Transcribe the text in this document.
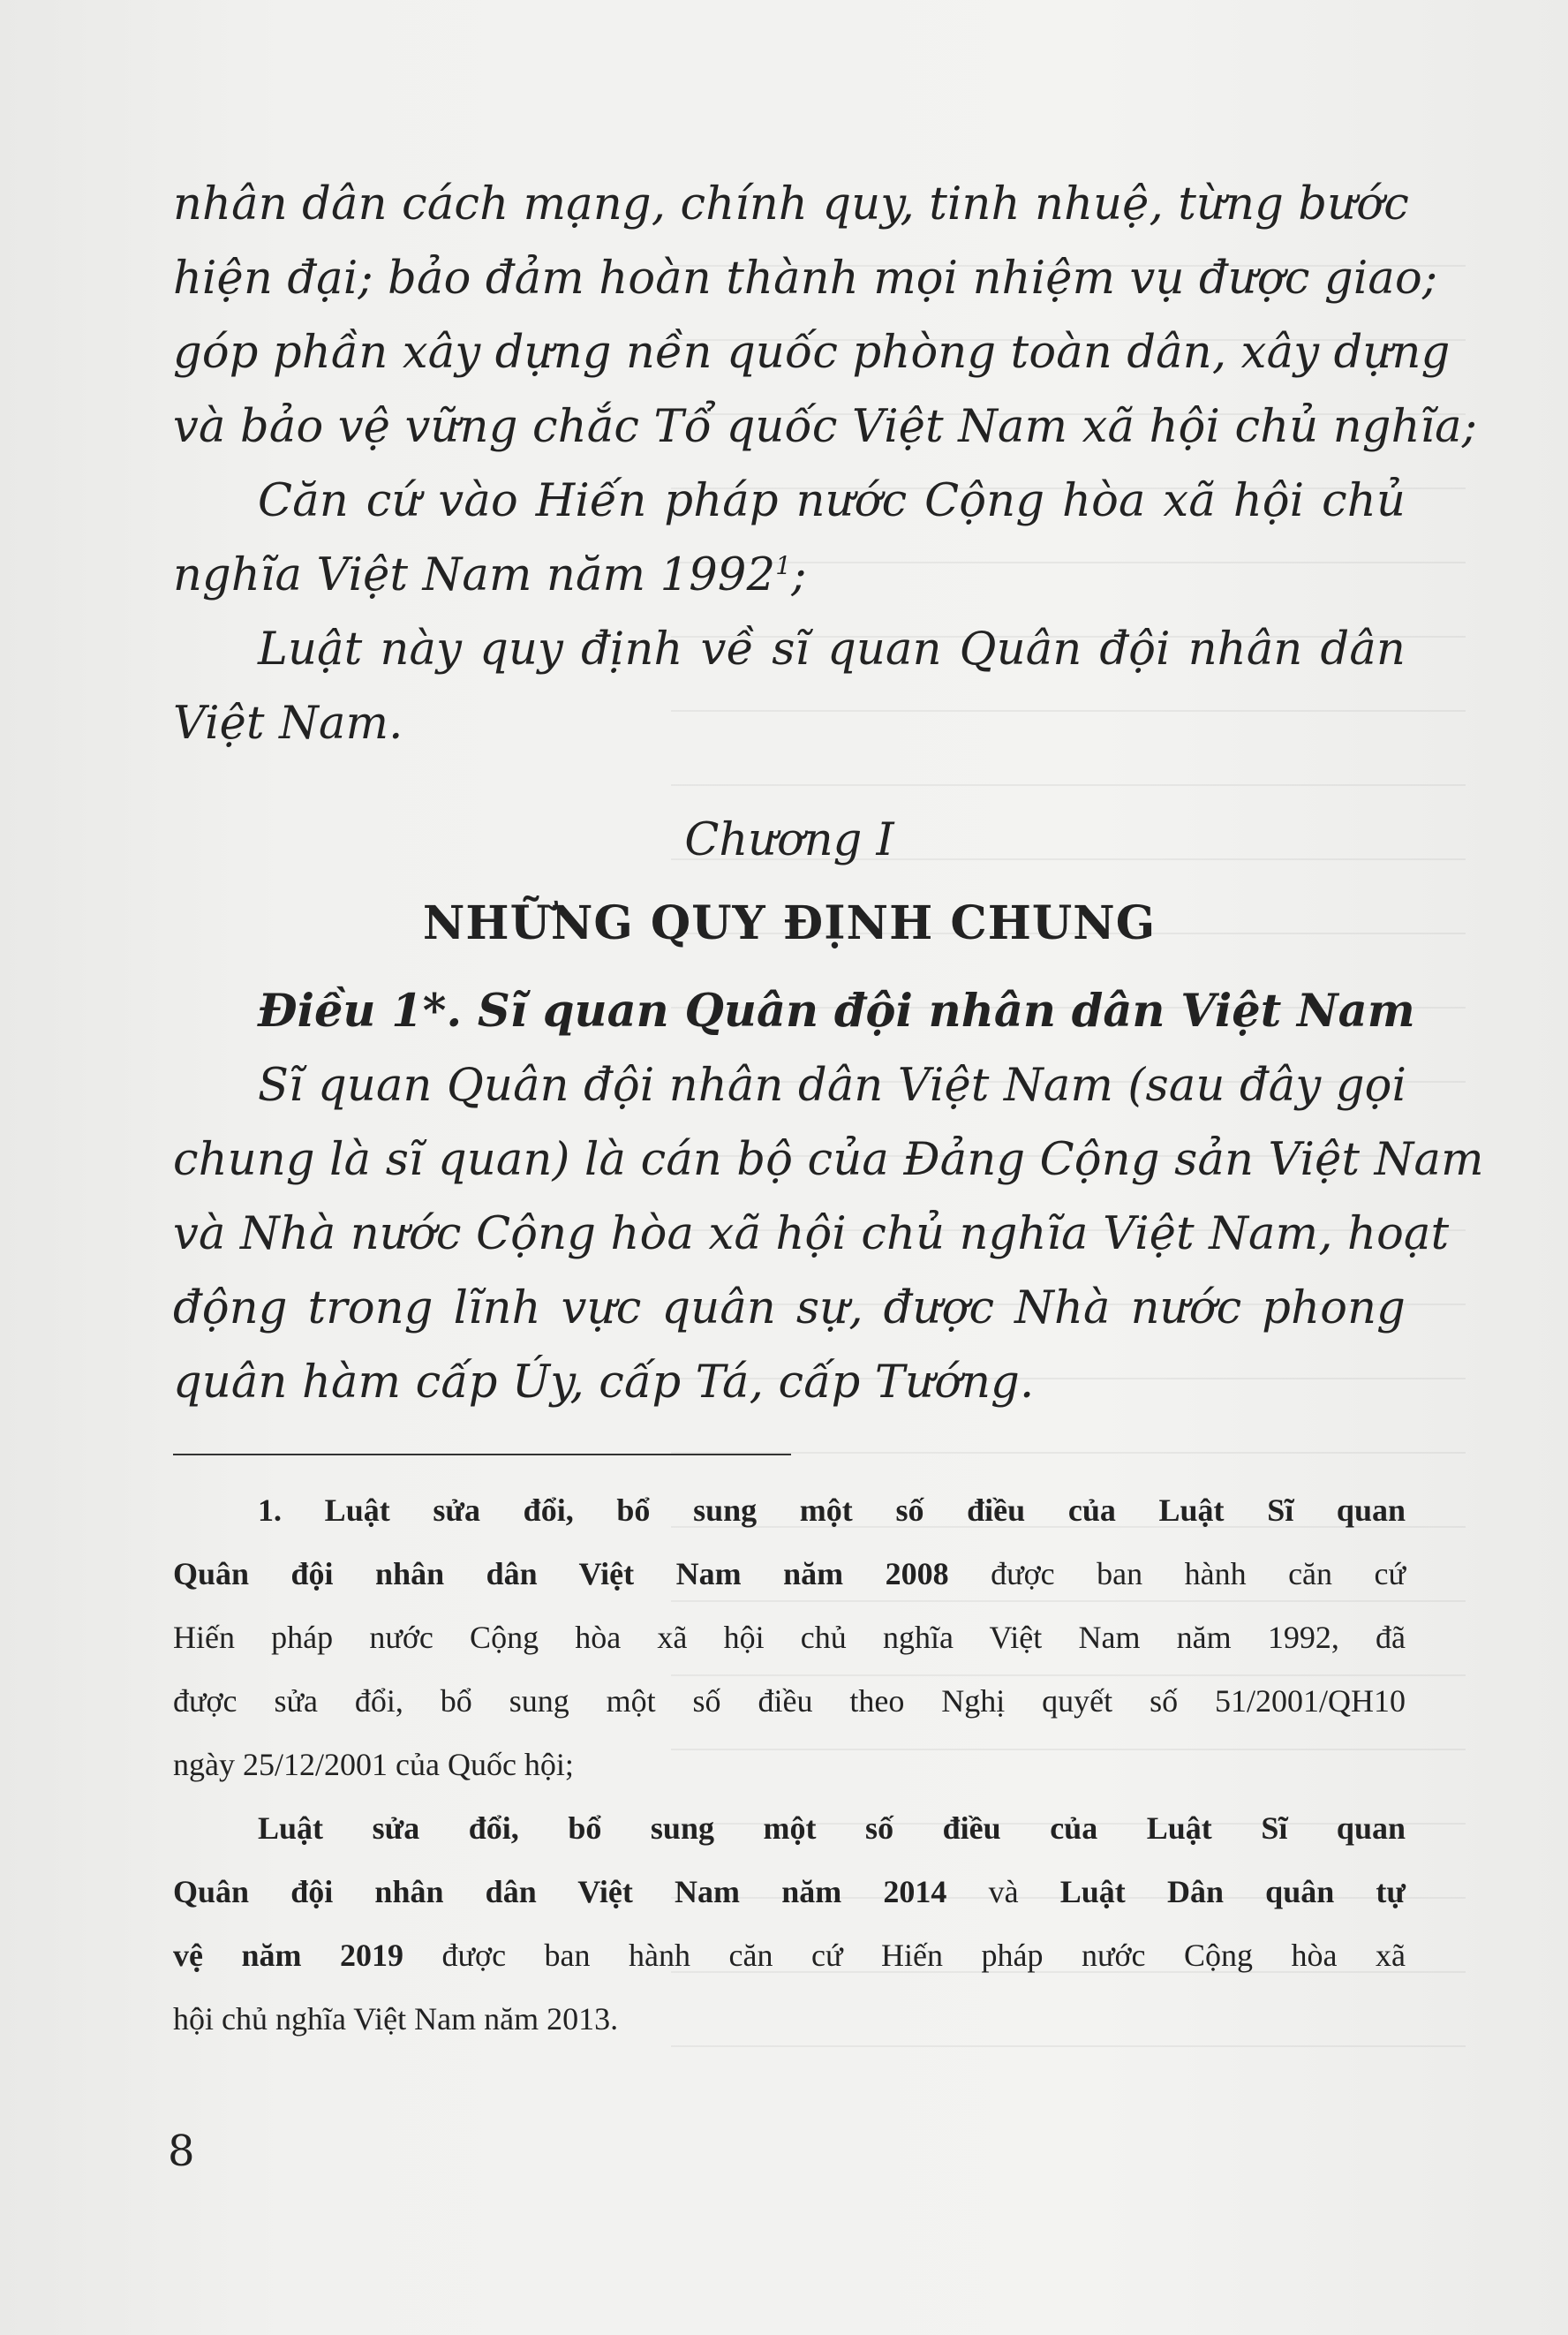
nhân dân cách mạng, chính quy, tinh nhuệ, từng bước

hiện đại; bảo đảm hoàn thành mọi nhiệm vụ được giao;

góp phần xây dựng nền quốc phòng toàn dân, xây dựng

và bảo vệ vững chắc Tổ quốc Việt Nam xã hội chủ nghĩa;

Căn cứ vào Hiến pháp nước Cộng hòa xã hội chủ

nghĩa Việt Nam năm 1992$^1$;

Luật này quy định về sĩ quan Quân đội nhân dân

Việt Nam.

Chương I
NHỮNG QUY ĐỊNH CHUNG

Điều 1*. Sĩ quan Quân đội nhân dân Việt Nam

Sĩ quan Quân đội nhân dân Việt Nam (sau đây gọi

chung là sĩ quan) là cán bộ của Đảng Cộng sản Việt Nam

và Nhà nước Cộng hòa xã hội chủ nghĩa Việt Nam, hoạt

động trong lĩnh vực quân sự, được Nhà nước phong

quân hàm cấp Úy, cấp Tá, cấp Tướng.

1. Luật sửa đổi, bổ sung một số điều của Luật Sĩ quan

Quân đội nhân dân Việt Nam năm 2008 được ban hành căn cứ

Hiến pháp nước Cộng hòa xã hội chủ nghĩa Việt Nam năm 1992, đã

được sửa đổi, bổ sung một số điều theo Nghị quyết số 51/2001/QH10

ngày 25/12/2001 của Quốc hội;

Luật sửa đổi, bổ sung một số điều của Luật Sĩ quan

Quân đội nhân dân Việt Nam năm 2014 và Luật Dân quân tự

vệ năm 2019 được ban hành căn cứ Hiến pháp nước Cộng hòa xã

hội chủ nghĩa Việt Nam năm 2013.

8
